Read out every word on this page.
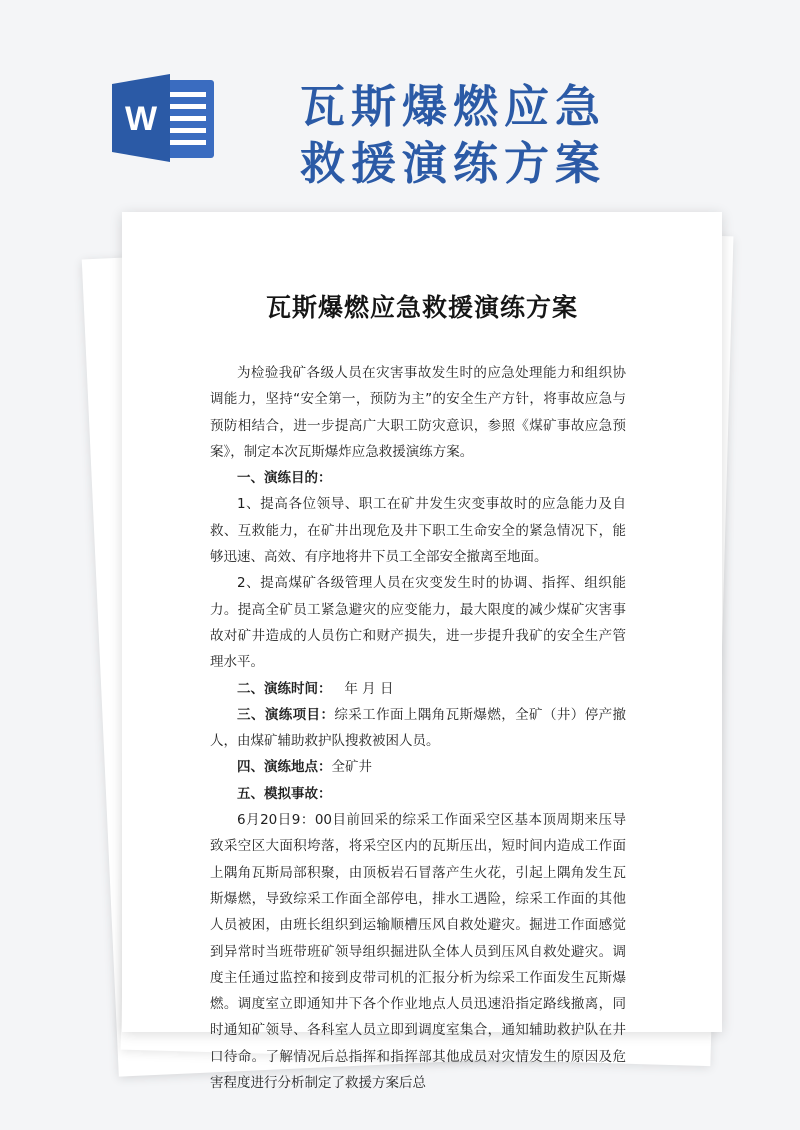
W	瓦斯爆燃应急
救援演练方案
瓦斯爆燃应急救援演练方案

为检验我矿各级人员在灾害事故发生时的应急处理能力和组织协调能力，坚持“安全第一，预防为主”的安全生产方针，将事故应急与预防相结合，进一步提高广大职工防灾意识，参照《煤矿事故应急预案》，制定本次瓦斯爆炸应急救援演练方案。

一、演练目的：

1、提高各位领导、职工在矿井发生灾变事故时的应急能力及自救、互救能力，在矿井出现危及井下职工生命安全的紧急情况下，能够迅速、高效、有序地将井下员工全部安全撤离至地面。

2、提高煤矿各级管理人员在灾变发生时的协调、指挥、组织能力。提高全矿员工紧急避灾的应变能力，最大限度的减少煤矿灾害事故对矿井造成的人员伤亡和财产损失，进一步提升我矿的安全生产管理水平。

二、演练时间： 年 月 日

三、演练项目：综采工作面上隅角瓦斯爆燃，全矿（井）停产撤人，由煤矿辅助救护队搜救被困人员。

四、演练地点：全矿井

五、模拟事故：

6月20日9：00目前回采的综采工作面采空区基本顶周期来压导致采空区大面积垮落，将采空区内的瓦斯压出，短时间内造成工作面上隅角瓦斯局部积聚，由顶板岩石冒落产生火花，引起上隅角发生瓦斯爆燃，导致综采工作面全部停电，排水工遇险，综采工作面的其他人员被困，由班长组织到运输顺槽压风自救处避灾。掘进工作面感觉到异常时当班带班矿领导组织掘进队全体人员到压风自救处避灾。调度主任通过监控和接到皮带司机的汇报分析为综采工作面发生瓦斯爆燃。调度室立即通知井下各个作业地点人员迅速沿指定路线撤离，同时通知矿领导、各科室人员立即到调度室集合，通知辅助救护队在井口待命。了解情况后总指挥和指挥部其他成员对灾情发生的原因及危害程度进行分析制定了救援方案后总
